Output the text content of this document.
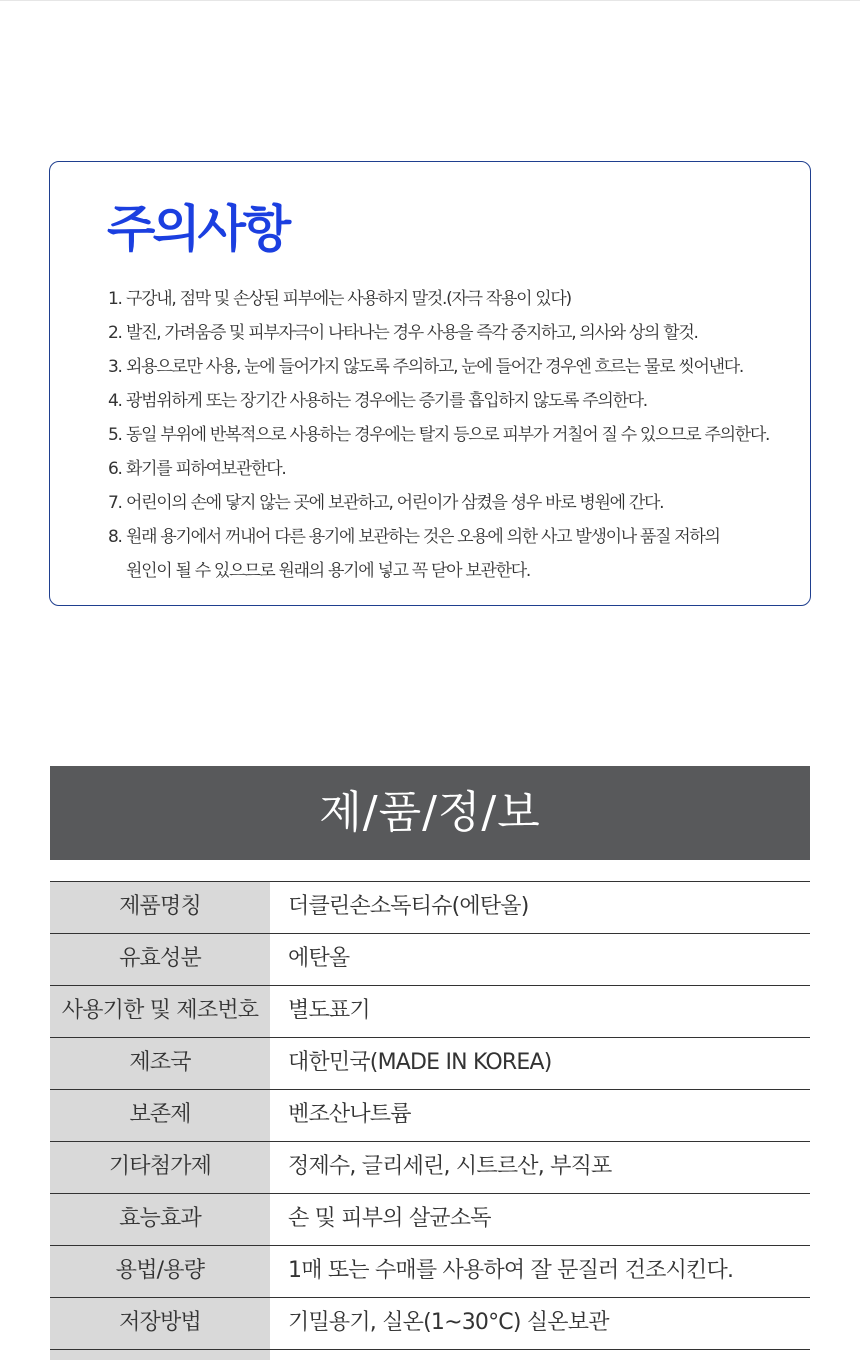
주의사항
1. 구강내, 점막 및 손상된 피부에는 사용하지 말것.(자극 작용이 있다)
2. 발진, 가려움증 및 피부자극이 나타나는 경우 사용을 즉각 중지하고, 의사와 상의 할것.
3. 외용으로만 사용, 눈에 들어가지 않도록 주의하고, 눈에 들어간 경우엔 흐르는 물로 씻어낸다.
4. 광범위하게 또는 장기간 사용하는 경우에는 증기를 흡입하지 않도록 주의한다.
5. 동일 부위에 반복적으로 사용하는 경우에는 탈지 등으로 피부가 거칠어 질 수 있으므로 주의한다.
6. 화기를 피하여보관한다.
7. 어린이의 손에 닿지 않는 곳에 보관하고, 어린이가 삼켰을 셩우 바로 병원에 간다.
8. 원래 용기에서 꺼내어 다른 용기에 보관하는 것은 오용에 의한 사고 발생이나 품질 저하의
원인이 될 수 있으므로 원래의 용기에 넣고 꼭 닫아 보관한다.
제/품/정/보
제품명칭	더클린손소독티슈(에탄올)
유효성분	에탄올
사용기한 및 제조번호	별도표기
제조국	대한민국(MADE IN KOREA)
보존제	벤조산나트륨
기타첨가제	정제수, 글리세린, 시트르산, 부직포
효능효과	손 및 피부의 살균소독
용법/용량	1매 또는 수매를 사용하여 잘 문질러 건조시킨다.
저장방법	기밀용기, 실온(1~30°C) 실온보관
